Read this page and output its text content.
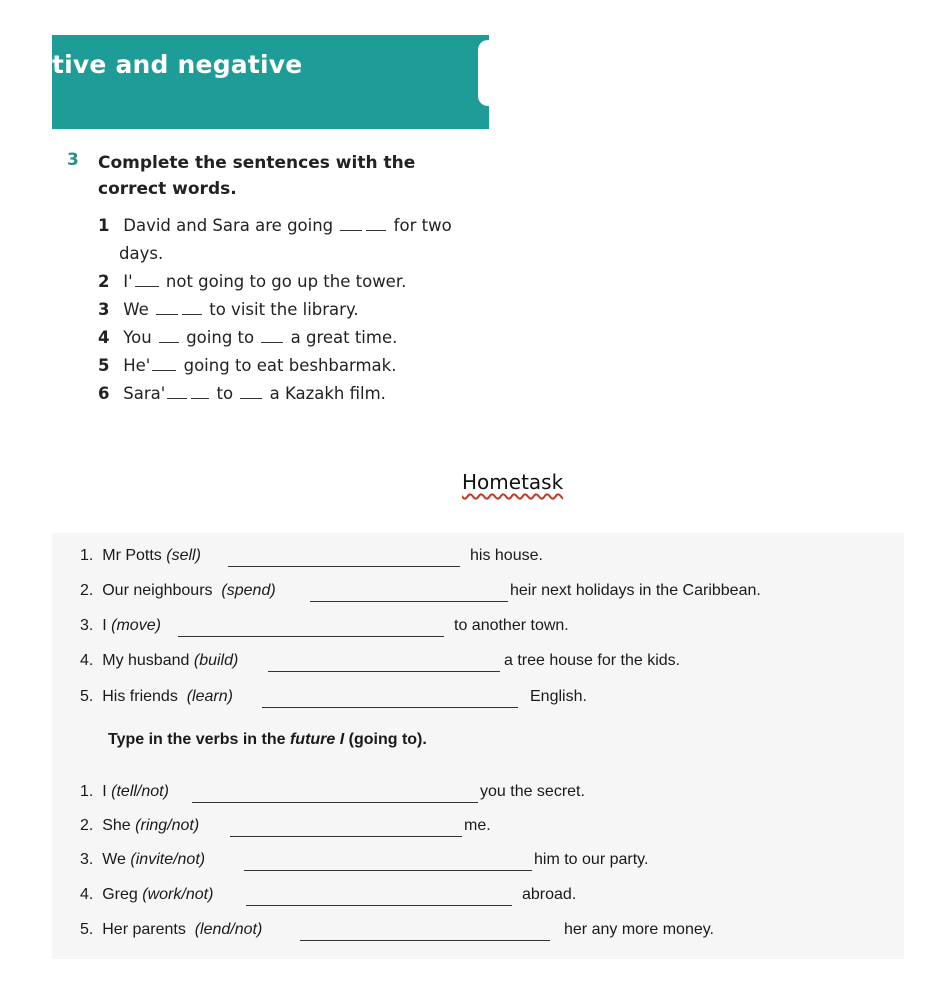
tive and negative
3 Complete the sentences with the correct words.
1 David and Sara are going	for two
days.
2 I' not going to go up the tower.
3 We	to visit the library.
4 You going to a great time.
5 He' going to eat beshbarmak.
6 Sara'	to a Kazakh film.
Hometask
1. Mr Potts (sell)	his house.
2. Our neighbours (spend)	heir next holidays in the Caribbean.
3. I (move)	to another town.
4. My husband (build)	a tree house for the kids.
5. His friends (learn)	English.
Type in the verbs in the future I (going to).
1. I (tell/not)	you the secret.
2. She (ring/not)	me.
3. We (invite/not)	him to our party.
4. Greg (work/not)	abroad.
5. Her parents (lend/not)	her any more money.
